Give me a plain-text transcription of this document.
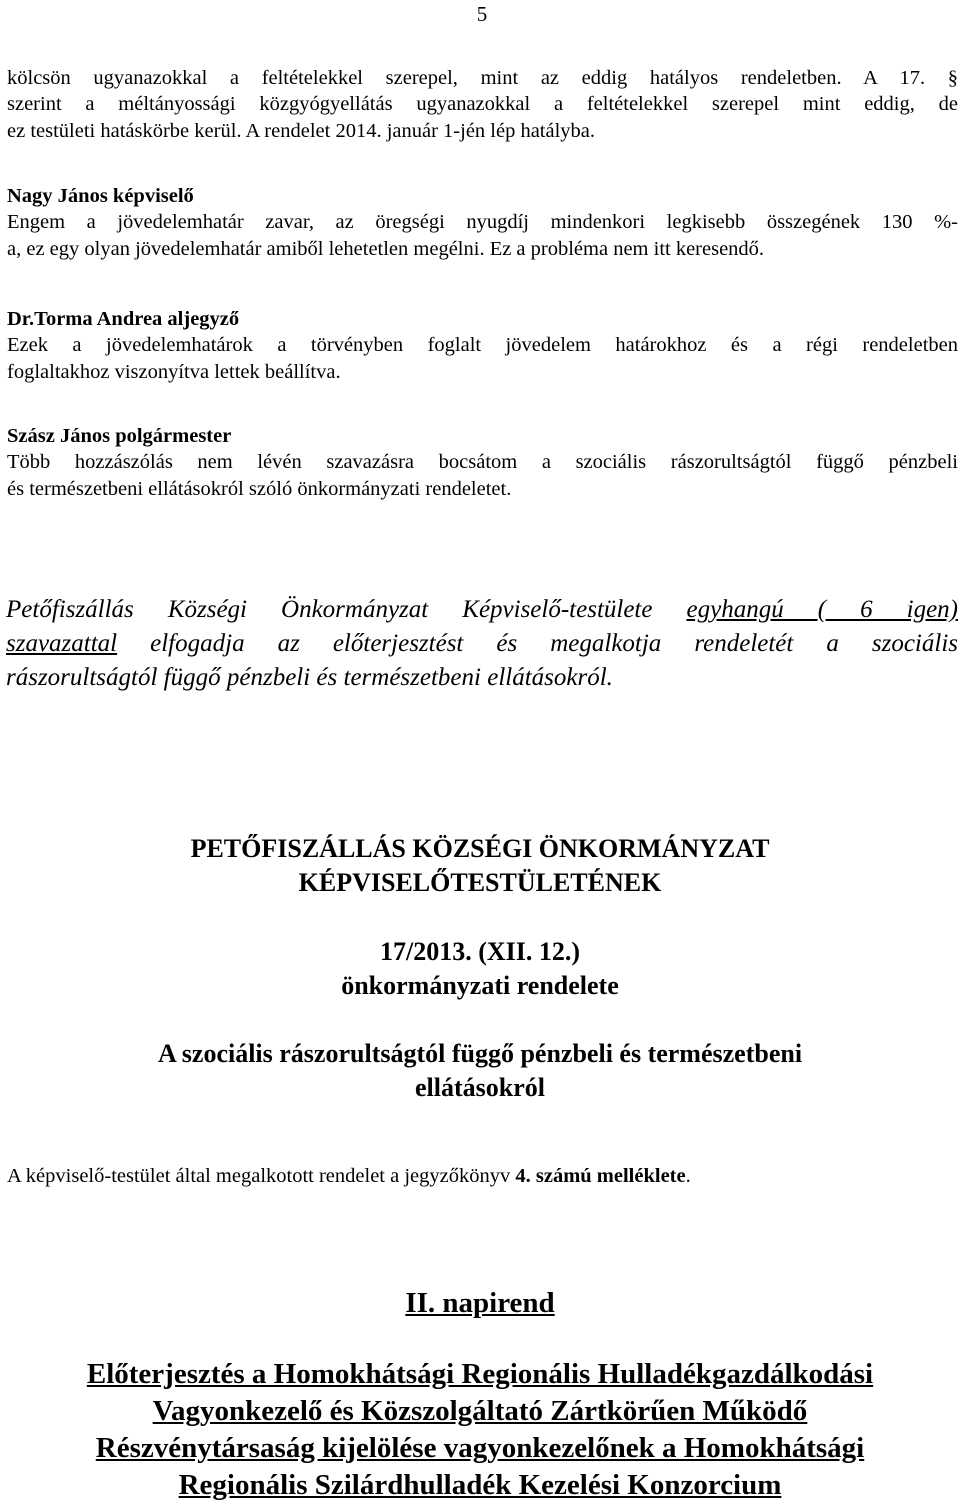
5
kölcsön ugyanazokkal a feltételekkel szerepel, mint az eddig hatályos rendeletben. A 17. §
szerint a méltányossági közgyógyellátás ugyanazokkal a feltételekkel szerepel mint eddig, de
ez testületi hatáskörbe kerül. A rendelet 2014. január 1-jén lép hatályba.
Nagy János képviselő
Engem a jövedelemhatár zavar, az öregségi nyugdíj mindenkori legkisebb összegének 130 %-
a, ez egy olyan jövedelemhatár amiből lehetetlen megélni. Ez a probléma nem itt keresendő.
Dr.Torma Andrea aljegyző
Ezek a jövedelemhatárok a törvényben foglalt jövedelem határokhoz és a régi rendeletben
foglaltakhoz viszonyítva lettek beállítva.
Szász János polgármester
Több hozzászólás nem lévén szavazásra bocsátom a szociális rászorultságtól függő pénzbeli
és természetbeni ellátásokról szóló önkormányzati rendeletet.
Petőfiszállás Községi Önkormányzat Képviselő-testülete egyhangú ( 6 igen)
szavazattal elfogadja az előterjesztést és megalkotja rendeletét a szociális
rászorultságtól függő pénzbeli és természetbeni ellátásokról.
PETŐFISZÁLLÁS KÖZSÉGI ÖNKORMÁNYZAT
KÉPVISELŐTESTÜLETÉNEK
17/2013. (XII. 12.)
önkormányzati rendelete
A szociális rászorultságtól függő pénzbeli és természetbeni
ellátásokról
A képviselő-testület által megalkotott rendelet a jegyzőkönyv 4. számú melléklete.
II. napirend
Előterjesztés a Homokhátsági Regionális Hulladékgazdálkodási
Vagyonkezelő és Közszolgáltató Zártkörűen Működő
Részvénytársaság kijelölése vagyonkezelőnek a Homokhátsági
Regionális Szilárdhulladék Kezelési Konzorcium
